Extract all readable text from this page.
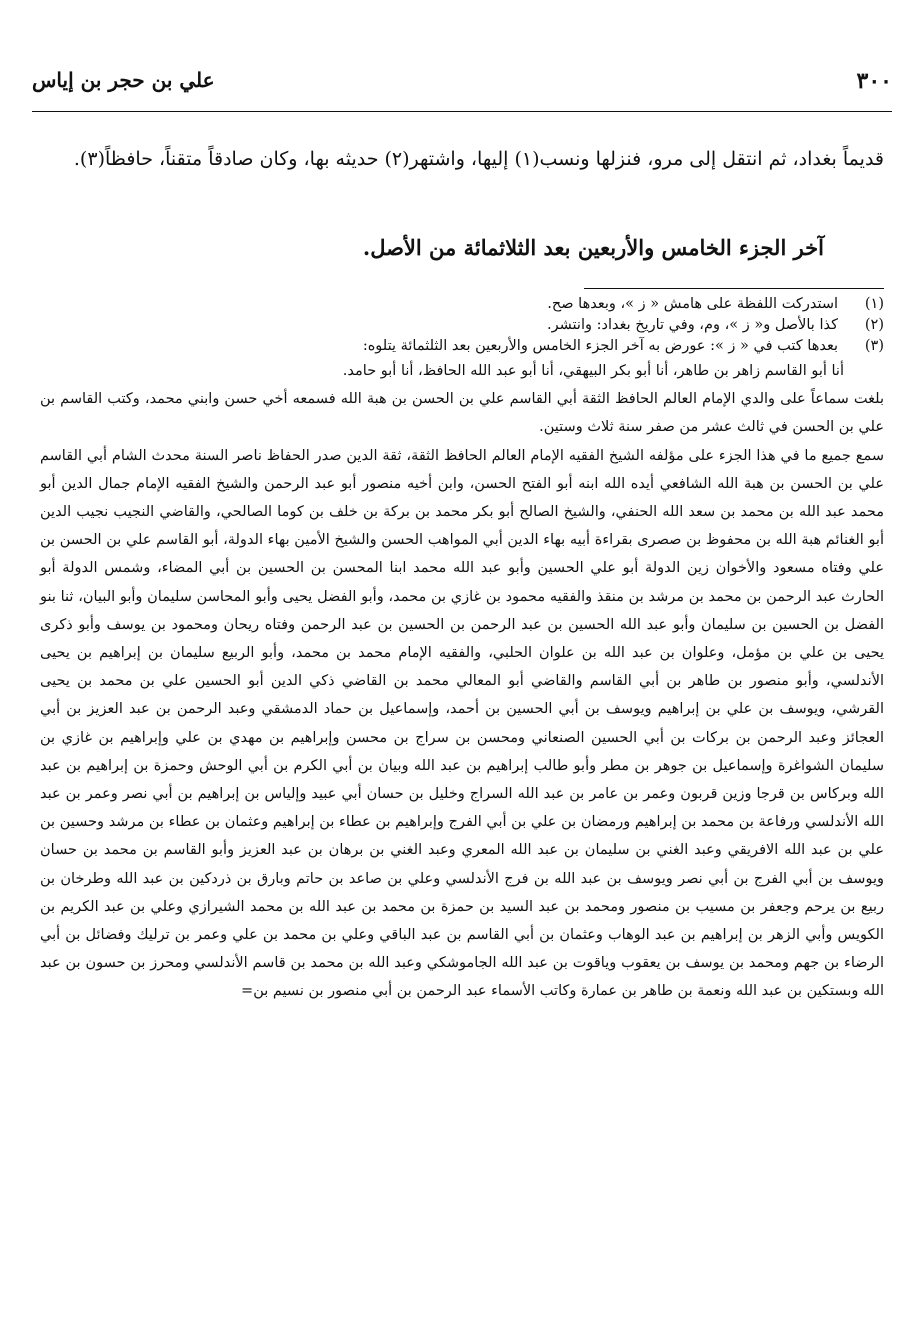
٣٠٠
علي بن حجر بن إياس
قديماً بغداد، ثم انتقل إلى مرو، فنزلها ونسب(١) إليها، واشتهر(٢) حديثه بها، وكان صادقاً متقناً، حافظاً(٣).
آخر الجزء الخامس والأربعين بعد الثلاثمائة من الأصل.
(١)
استدركت اللفظة على هامش « ز »، وبعدها صح.
(٢)
كذا بالأصل و« ز »، وم، وفي تاريخ بغداد: وانتشر.
(٣)
بعدها كتب في « ز »: عورض به آخر الجزء الخامس والأربعين بعد الثلثمائة يتلوه:

أنا أبو القاسم زاهر بن طاهر، أنا أبو بكر البيهقي، أنا أبو عبد الله الحافظ، أنا أبو حامد.

بلغت سماعاً على والدي الإمام العالم الحافظ الثقة أبي القاسم علي بن الحسن بن هبة الله فسمعه أخي حسن وابني محمد، وكتب القاسم بن علي بن الحسن في ثالث عشر من صفر سنة ثلاث وستين.

سمع جميع ما في هذا الجزء على مؤلفه الشيخ الفقيه الإمام العالم الحافظ الثقة، ثقة الدين صدر الحفاظ ناصر السنة محدث الشام أبي القاسم علي بن الحسن بن هبة الله الشافعي أيده الله ابنه أبو الفتح الحسن، وابن أخيه منصور أبو عبد الرحمن والشيخ الفقيه الإمام جمال الدين أبو محمد عبد الله بن محمد بن سعد الله الحنفي، والشيخ الصالح أبو بكر محمد بن بركة بن خلف بن كوما الصالحي، والقاضي النجيب نجيب الدين أبو الغنائم هبة الله بن محفوظ بن صصرى بقراءة أبيه بهاء الدين أبي المواهب الحسن والشيخ الأمين بهاء الدولة، أبو القاسم علي بن الحسن بن علي وفتاه مسعود والأخوان زين الدولة أبو علي الحسين وأبو عبد الله محمد ابنا المحسن بن الحسين بن أبي المضاء، وشمس الدولة أبو الحارث عبد الرحمن بن محمد بن مرشد بن منقذ والفقيه محمود بن غازي بن محمد، وأبو الفضل يحيى وأبو المحاسن سليمان وأبو البيان، ثنا بنو الفضل بن الحسين بن سليمان وأبو عبد الله الحسين بن عبد الرحمن بن الحسين بن عبد الرحمن وفتاه ريحان ومحمود بن يوسف وأبو ذكرى يحيى بن علي بن مؤمل، وعلوان بن عبد الله بن علوان الحلبي، والفقيه الإمام محمد بن محمد، وأبو الربيع سليمان بن إبراهيم بن يحيى الأندلسي، وأبو منصور بن طاهر بن أبي القاسم والقاضي أبو المعالي محمد بن القاضي ذكي الدين أبو الحسين علي بن محمد بن يحيى القرشي، ويوسف بن علي بن إبراهيم ويوسف بن أبي الحسين بن أحمد، وإسماعيل بن حماد الدمشقي وعبد الرحمن بن عبد العزيز بن أبي العجائز وعبد الرحمن بن بركات بن أبي الحسين الصنعاني ومحسن بن سراج بن محسن وإبراهيم بن مهدي بن علي وإبراهيم بن غازي بن سليمان الشواغرة وإسماعيل بن جوهر بن مطر وأبو طالب إبراهيم بن عبد الله وبيان بن أبي الكرم بن أبي الوحش وحمزة بن إبراهيم بن عبد الله وبركاس بن قرجا وزين قربون وعمر بن عامر بن عبد الله السراج وخليل بن حسان أبي عبيد وإلياس بن إبراهيم بن أبي نصر وعمر بن عبد الله الأندلسي ورفاعة بن محمد بن إبراهيم ورمضان بن علي بن أبي الفرج وإبراهيم بن عطاء بن إبراهيم وعثمان بن عطاء بن مرشد وحسين بن علي بن عبد الله الافريقي وعبد الغني بن سليمان بن عبد الله المعري وعبد الغني بن برهان بن عبد العزيز وأبو القاسم بن محمد بن حسان ويوسف بن أبي الفرج بن أبي نصر ويوسف بن عبد الله بن فرج الأندلسي وعلي بن صاعد بن حاتم وبارق بن ذردكين بن عبد الله وطرخان بن ربيع بن يرحم وجعفر بن مسيب بن منصور ومحمد بن عبد السيد بن حمزة بن محمد بن عبد الله بن محمد الشيرازي وعلي بن عبد الكريم بن الكويس وأبي الزهر بن إبراهيم بن عبد الوهاب وعثمان بن أبي القاسم بن عبد الباقي وعلي بن محمد بن علي وعمر بن ترليك وفضائل بن أبي الرضاء بن جهم ومحمد بن يوسف بن يعقوب وياقوت بن عبد الله الجاموشكي وعبد الله بن محمد بن قاسم الأندلسي ومحرز بن حسون بن عبد الله وبستكين بن عبد الله ونعمة بن طاهر بن عمارة وكاتب الأسماء عبد الرحمن بن أبي منصور بن نسيم بن=
